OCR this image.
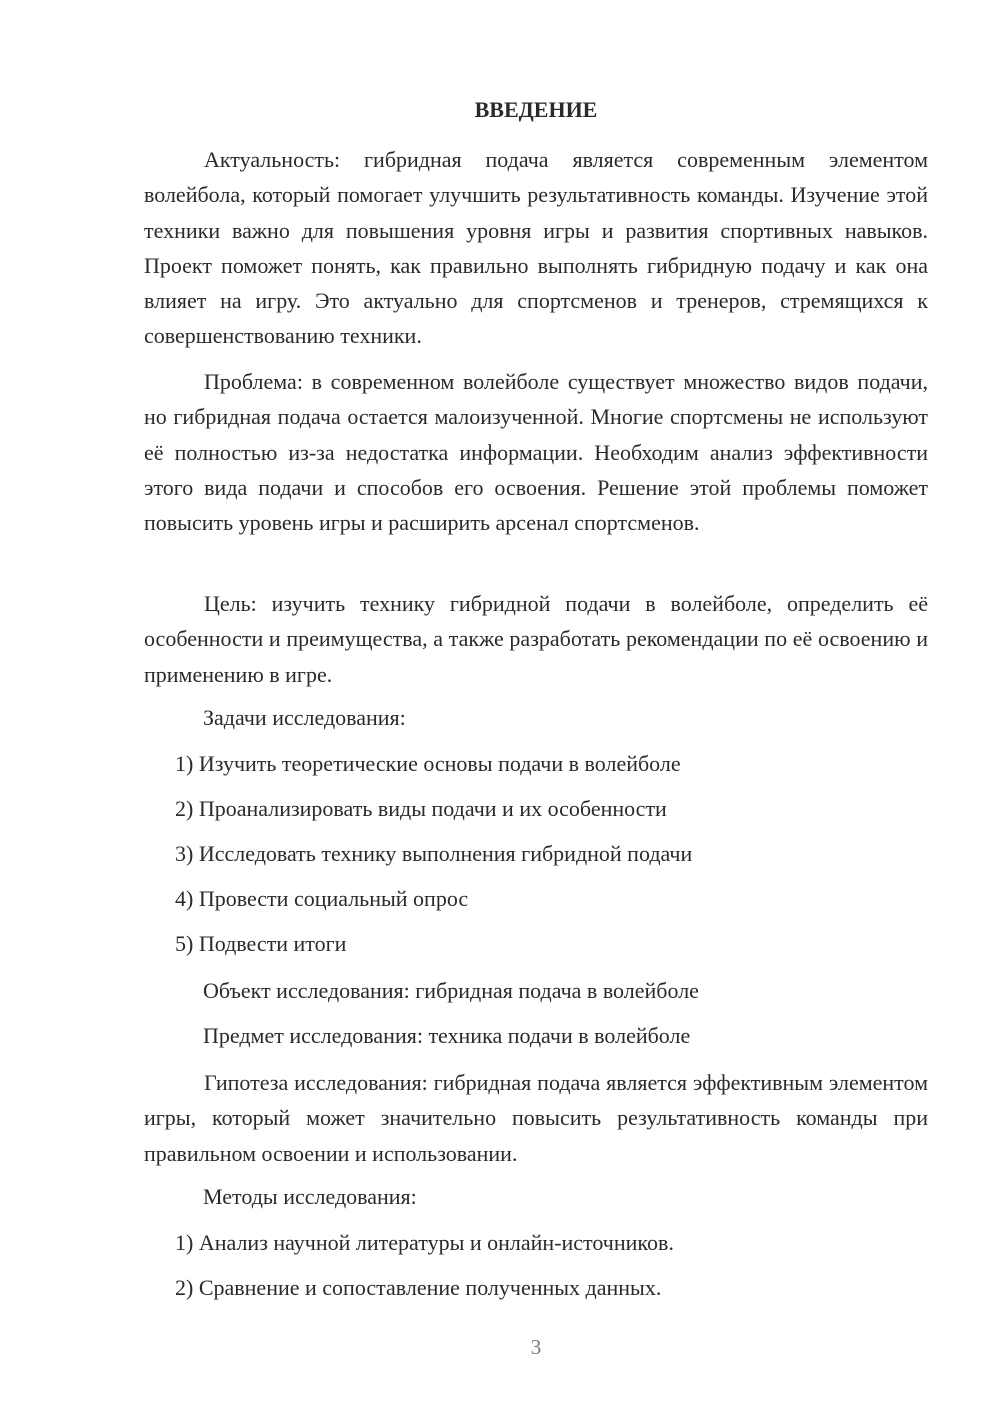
ВВЕДЕНИЕ

Актуальность: гибридная подача является современным элементом волейбола, который помогает улучшить результативность команды. Изучение этой техники важно для повышения уровня игры и развития спортивных навыков. Проект поможет понять, как правильно выполнять гибридную подачу и как она влияет на игру. Это актуально для спортсменов и тренеров, стремящихся к совершенствованию техники.

Проблема: в современном волейболе существует множество видов подачи, но гибридная подача остается малоизученной. Многие спортсмены не используют её полностью из-за недостатка информации. Необходим анализ эффективности этого вида подачи и способов его освоения. Решение этой проблемы поможет повысить уровень игры и расширить арсенал спортсменов.

Цель: изучить технику гибридной подачи в волейболе, определить её особенности и преимущества, а также разработать рекомендации по её освоению и применению в игре.

Задачи исследования:

1) Изучить теоретические основы подачи в волейболе

2) Проанализировать виды подачи и их особенности

3) Исследовать технику выполнения гибридной подачи

4) Провести социальный опрос

5) Подвести итоги

Объект исследования: гибридная подача в волейболе

Предмет исследования: техника подачи в волейболе

Гипотеза исследования: гибридная подача является эффективным элементом игры, который может значительно повысить результативность команды при правильном освоении и использовании.

Методы исследования:

1) Анализ научной литературы и онлайн-источников.

2) Сравнение и сопоставление полученных данных.

3
